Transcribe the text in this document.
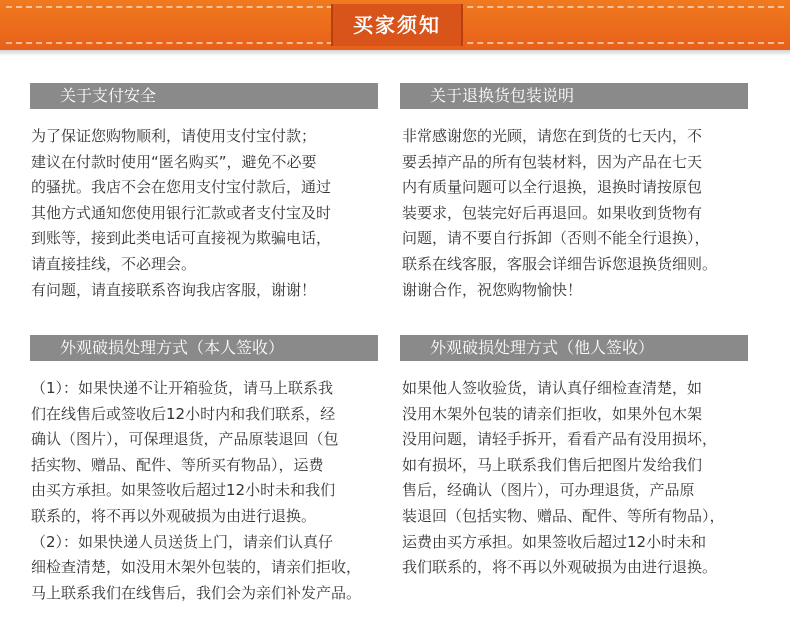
买家须知
关于支付安全

为了保证您购物顺利，请使用支付宝付款；
建议在付款时使用“匿名购买”，避免不必要
的骚扰。我店不会在您用支付宝付款后，通过
其他方式通知您使用银行汇款或者支付宝及时
到账等，接到此类电话可直接视为欺骗电话，
请直接挂线，不必理会。
有问题，请直接联系咨询我店客服，谢谢！

关于退换货包装说明

非常感谢您的光顾，请您在到货的七天内，不
要丢掉产品的所有包装材料，因为产品在七天
内有质量问题可以全行退换，退换时请按原包
装要求，包装完好后再退回。如果收到货物有
问题，请不要自行拆卸（否则不能全行退换），
联系在线客服，客服会详细告诉您退换货细则。
谢谢合作，祝您购物愉快！

外观破损处理方式（本人签收）

（1）：如果快递不让开箱验货，请马上联系我
们在线售后或签收后12小时内和我们联系，经
确认（图片），可保理退货，产品原装退回（包
括实物、赠品、配件、等所买有物品），运费
由买方承担。如果签收后超过12小时未和我们
联系的，将不再以外观破损为由进行退换。
（2）：如果快递人员送货上门，请亲们认真仔
细检查清楚，如没用木架外包装的，请亲们拒收，
马上联系我们在线售后，我们会为亲们补发产品。

外观破损处理方式（他人签收）

如果他人签收验货，请认真仔细检查清楚，如
没用木架外包装的请亲们拒收，如果外包木架
没用问题，请轻手拆开，看看产品有没用损坏，
如有损坏，马上联系我们售后把图片发给我们
售后，经确认（图片），可办理退货，产品原
装退回（包括实物、赠品、配件、等所有物品），
运费由买方承担。如果签收后超过12小时未和
我们联系的，将不再以外观破损为由进行退换。
